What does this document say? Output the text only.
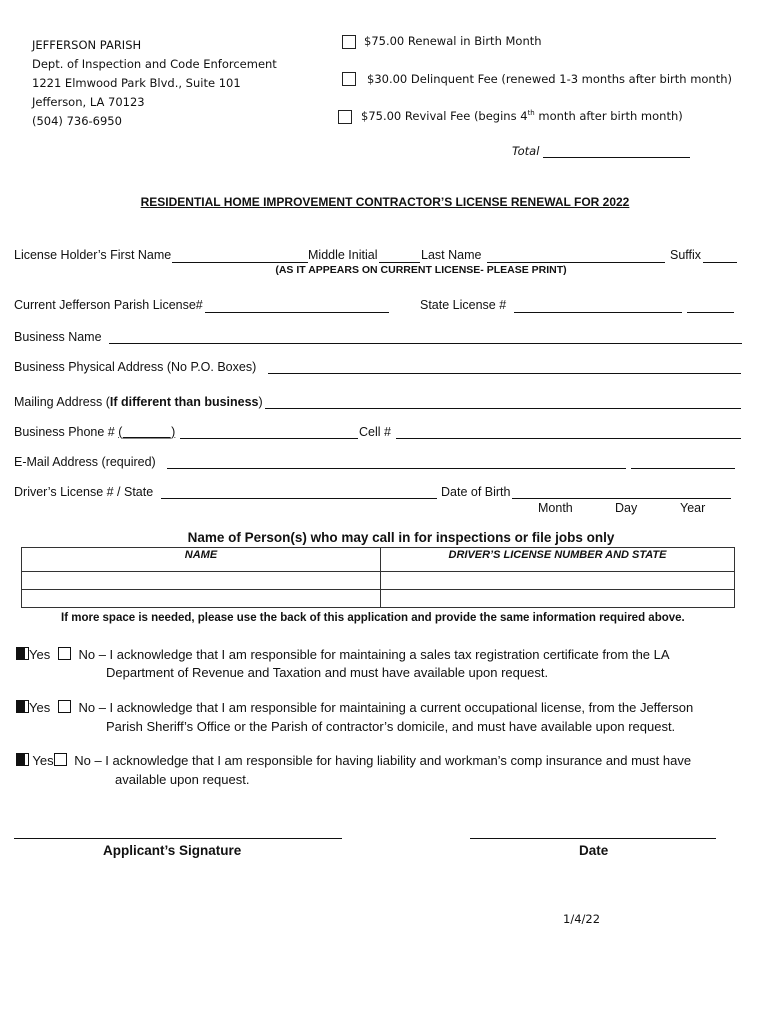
JEFFERSON PARISH
Dept. of Inspection and Code Enforcement
1221 Elmwood Park Blvd., Suite 101
Jefferson, LA 70123
(504) 736-6950
$75.00 Renewal in Birth Month
$30.00 Delinquent Fee (renewed 1-3 months after birth month)
$75.00 Revival Fee (begins 4th month after birth month)
Total
RESIDENTIAL HOME IMPROVEMENT CONTRACTOR’S LICENSE RENEWAL FOR 2022
License Holder’s First Name	Middle Initial	Last Name	Suffix
(AS IT APPEARS ON CURRENT LICENSE- PLEASE PRINT)
Current Jefferson Parish License#	State License #
Business Name
Business Physical Address (No P.O. Boxes)
Mailing Address (If different than business)
Business Phone # (_______)	Cell #
E-Mail Address (required)
Driver’s License # / State	Date of Birth
Month	Day	Year
Name of Person(s) who may call in for inspections or file jobs only
NAME	DRIVER’S LICENSE NUMBER AND STATE

If more space is needed, please use the back of this application and provide the same information required above.
Yes No – I acknowledge that I am responsible for maintaining a sales tax registration certificate from the LA
Department of Revenue and Taxation and must have available upon request.
Yes No – I acknowledge that I am responsible for maintaining a current occupational license, from the Jefferson
Parish Sheriff’s Office or the Parish of contractor’s domicile, and must have available upon request.
Yes No – I acknowledge that I am responsible for having liability and workman’s comp insurance and must have
available upon request.
Applicant’s Signature	Date
1/4/22
